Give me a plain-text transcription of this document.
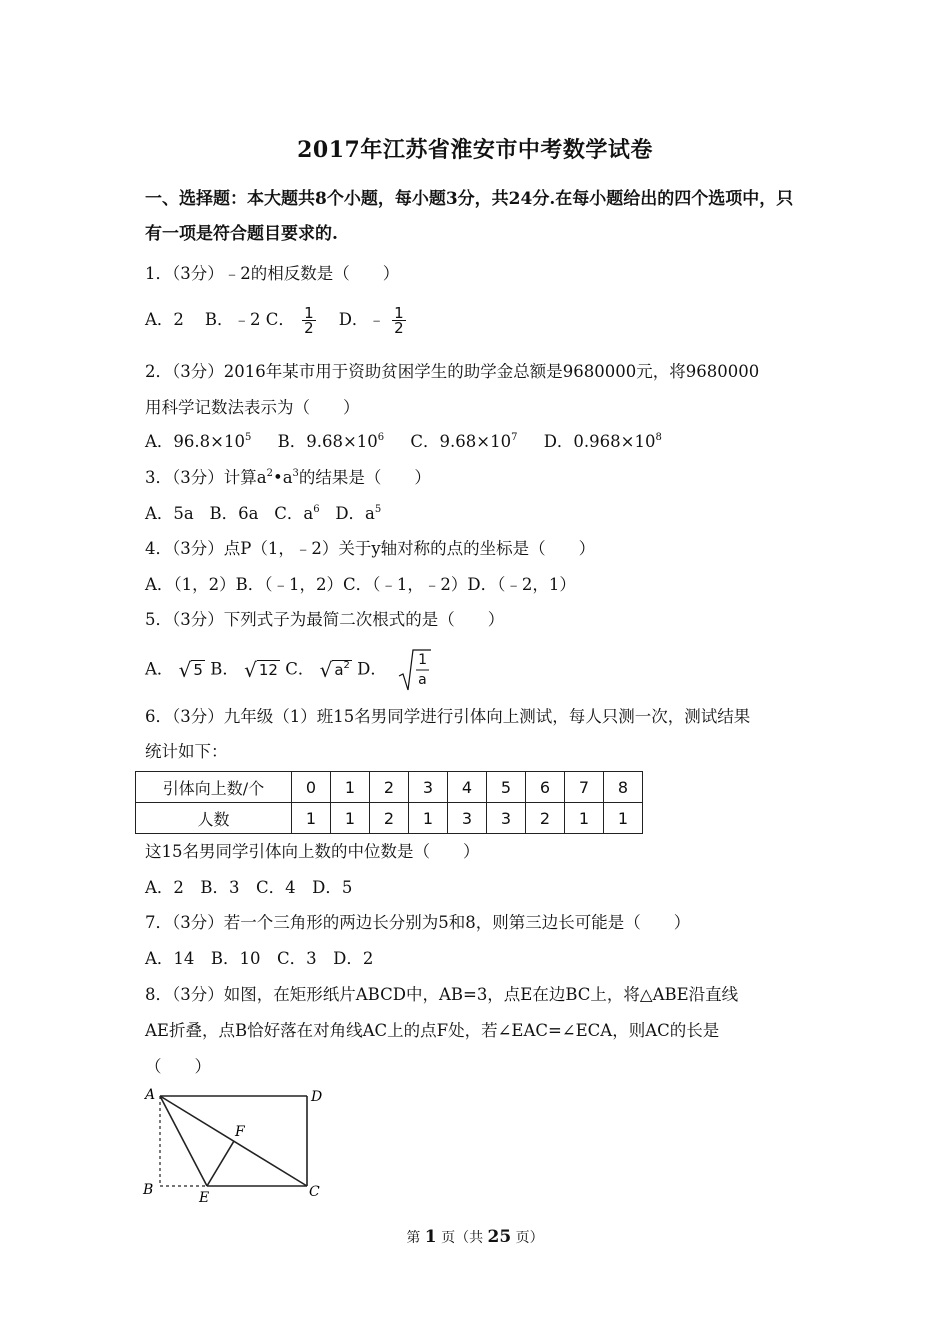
2017年江苏省淮安市中考数学试卷
一、选择题：本大题共8个小题，每小题3分，共24分.在每小题给出的四个选项中，只有一项是符合题目要求的.
1．（3分）﹣2的相反数是（　　）
A．2 B．﹣2 C． $\frac{1}{2}$ D．﹣ $\frac{1}{2}$
2．（3分）2016年某市用于资助贫困学生的助学金总额是9680000元，将9680000
用科学记数法表示为（　　）
A．$96.8\times 10^5$ B．$9.68\times 10^6$ C．$9.68\times 10^7$ D．$0.968\times 10^8$
3．（3分）计算$a^2•a^3$的结果是（　　）
A．5a B．6a C．$a^6$ D．$a^5$
4．（3分）点P（1，﹣2）关于y轴对称的点的坐标是（　　）
A．（1，2）B．（﹣1，2）C．（﹣1，﹣2）D．（﹣2，1）
5．（3分）下列式子为最简二次根式的是（　　）
A． √ 5 B． √ 12 C． √ $a^2$ D． 1
a
6．（3分）九年级（1）班15名男同学进行引体向上测试，每人只测一次，测试结果
统计如下：
引体向上数/个	0	1	2	3	4	5	6	7	8
人数	1	1	2	1	3	3	2	1	1
这15名男同学引体向上数的中位数是（　　）
A．2　B．3　C．4　D．5
7．（3分）若一个三角形的两边长分别为5和8，则第三边长可能是（　　）
A．14　B．10　C．3　D．2
8．（3分）如图，在矩形纸片ABCD中，AB=3，点E在边BC上，将△ABE沿直线
AE折叠，点B恰好落在对角线AC上的点F处，若∠EAC=∠ECA，则AC的长是
（　　）
A	D
F
B	E	C
第 1 页（共 25 页）
